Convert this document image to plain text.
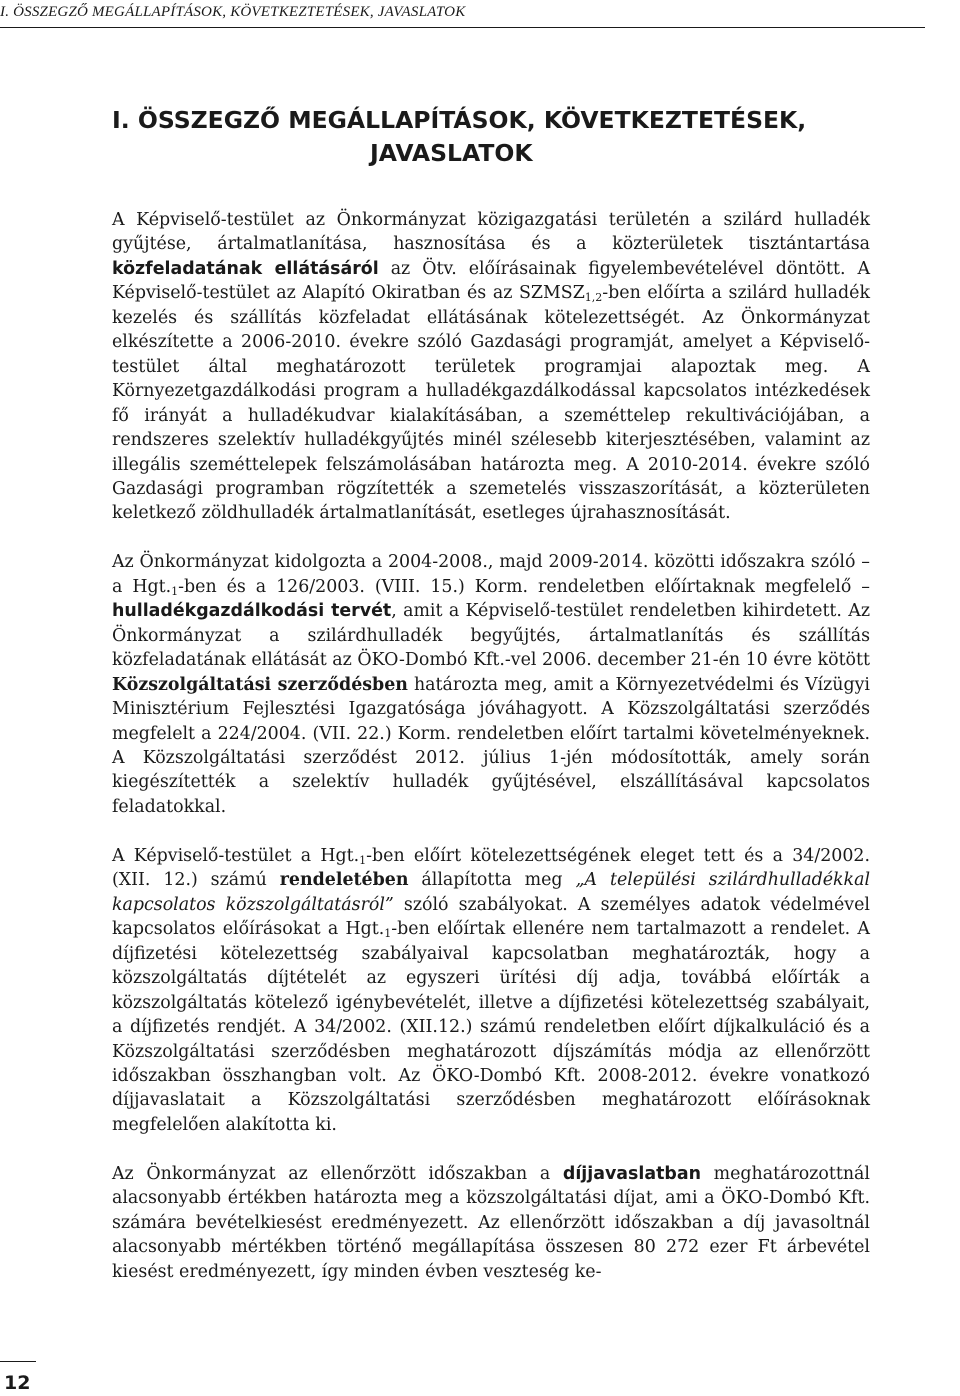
I. ÖSSZEGZŐ MEGÁLLAPÍTÁSOK, KÖVETKEZTETÉSEK, JAVASLATOK
I. ÖSSZEGZŐ MEGÁLLAPÍTÁSOK, KÖVETKEZTETÉSEK,
JAVASLATOK

A Képviselő-testület az Önkormányzat közigazgatási területén a szilárd hulladék gyűjtése, ártalmatlanítása, hasznosítása és a közterületek tisztántartása közfeladatának ellátásáról az Ötv. előírásainak figyelembevételével döntött. A Képviselő-testület az Alapító Okiratban és az $SZMSZ_{1,2}$-ben előírta a szilárd hulladék kezelés és szállítás közfeladat ellátásának kötelezettségét. Az Önkormányzat elkészítette a 2006-2010. évekre szóló Gazdasági programját, amelyet a Képviselő-testület által meghatározott területek programjai alapoztak meg. A Környezetgazdálkodási program a hulladékgazdálkodással kapcsolatos intézkedések fő irányát a hulladékudvar kialakításában, a szeméttelep rekultivációjában, a rendszeres szelektív hulladékgyűjtés minél szélesebb kiterjesztésében, valamint az illegális szeméttelepek felszámolásában határozta meg. A 2010-2014. évekre szóló Gazdasági programban rögzítették a szemetelés visszaszorítását, a közterületen keletkező zöldhulladék ártalmatlanítását, esetleges újrahasznosítását.

Az Önkormányzat kidolgozta a 2004-2008., majd 2009-2014. közötti időszakra szóló – a $Hgt._1$-ben és a 126/2003. (VIII. 15.) Korm. rendeletben előírtaknak megfelelő – hulladékgazdálkodási tervét, amit a Képviselő-testület rendeletben kihirdetett. Az Önkormányzat a szilárdhulladék begyűjtés, ártalmatlanítás és szállítás közfeladatának ellátását az ÖKO-Dombó Kft.-vel 2006. december 21-én 10 évre kötött Közszolgáltatási szerződésben határozta meg, amit a Környezetvédelmi és Vízügyi Minisztérium Fejlesztési Igazgatósága jóváhagyott. A Közszolgáltatási szerződés megfelelt a 224/2004. (VII. 22.) Korm. rendeletben előírt tartalmi követelményeknek. A Közszolgáltatási szerződést 2012. július 1-jén módosították, amely során kiegészítették a szelektív hulladék gyűjtésével, elszállításával kapcsolatos feladatokkal.

A Képviselő-testület a $Hgt._1$-ben előírt kötelezettségének eleget tett és a 34/2002. (XII. 12.) számú rendeletében állapította meg „A települési szilárdhulladékkal kapcsolatos közszolgáltatásról” szóló szabályokat. A személyes adatok védelmével kapcsolatos előírásokat a $Hgt._1$-ben előírtak ellenére nem tartalmazott a rendelet. A díjfizetési kötelezettség szabályaival kapcsolatban meghatározták, hogy a közszolgáltatás díjtételét az egyszeri ürítési díj adja, továbbá előírták a közszolgáltatás kötelező igénybevételét, illetve a díjfizetési kötelezettség szabályait, a díjfizetés rendjét. A 34/2002. (XII.12.) számú rendeletben előírt díjkalkuláció és a Közszolgáltatási szerződésben meghatározott díjszámítás módja az ellenőrzött időszakban összhangban volt. Az ÖKO-Dombó Kft. 2008-2012. évekre vonatkozó díjjavaslatait a Közszolgáltatási szerződésben meghatározott előírásoknak megfelelően alakította ki.

Az Önkormányzat az ellenőrzött időszakban a díjjavaslatban meghatározottnál alacsonyabb értékben határozta meg a közszolgáltatási díjat, ami a ÖKO-Dombó Kft. számára bevételkiesést eredményezett. Az ellenőrzött időszakban a díj javasoltnál alacsonyabb mértékben történő megállapítása összesen 80 272 ezer Ft árbevétel kiesést eredményezett, így minden évben veszteség ke-

12
